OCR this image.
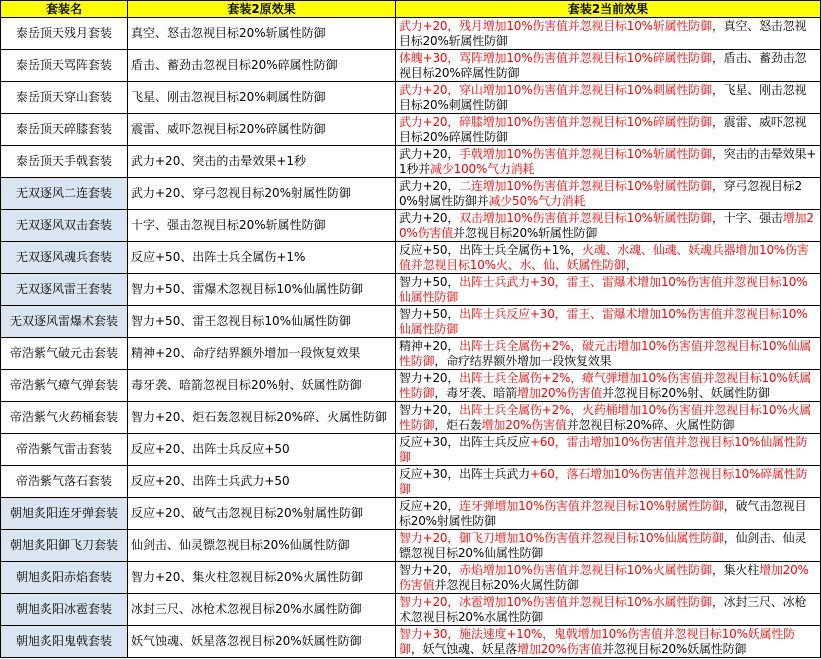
套装名	套装2原效果	套装2当前效果
泰岳顶天残月套装	真空、怒击忽视目标20%斩属性防御	武力+20，残月增加10%伤害值并忽视目标10%斩属性防御，真空、怒击忽视目标20%斩属性防御
泰岳顶天骂阵套装	盾击、蓄劲击忽视目标20%碎属性防御	体魄+30，骂阵增加10%伤害值并忽视目标10%碎属性防御，盾击、蓄劲击忽视目标20%碎属性防御
泰岳顶天穿山套装	飞星、刚击忽视目标20%刺属性防御	武力+20，穿山增加10%伤害值并忽视目标10%刺属性防御，飞星、刚击忽视目标20%刺属性防御
泰岳顶天碎膝套装	震雷、威吓忽视目标20%碎属性防御	武力+20，碎膝增加10%伤害值并忽视目标10%碎属性防御，震雷、威吓忽视目标20%碎属性防御
泰岳顶天手戟套装	武力+20、突击的击晕效果+1秒	武力+20，手戟增加10%伤害值并忽视目标10%斩属性防御，突击的击晕效果+1秒并减少100%气力消耗
无双逐风二连套装	武力+20、穿弓忽视目标20%射属性防御	武力+20，二连增加10%伤害值并忽视目标10%射属性防御，穿弓忽视目标20%射属性防御并减少50%气力消耗
无双逐风双击套装	十字、强击忽视目标20%斩属性防御	武力+20，双击增加10%伤害值并忽视目标10%斩属性防御，十字、强击增加20%伤害值并忽视目标20%斩属性防御
无双逐风魂兵套装	反应+50、出阵士兵全属伤+1%	反应+50，出阵士兵全属伤+1%，火魂、水魂、仙魂、妖魂兵器增加10%伤害值并忽视目标10%火、水、仙、妖属性防御，
无双逐风雷王套装	智力+50、雷爆术忽视目标10%仙属性防御	智力+50，出阵士兵武力+30，雷王、雷爆术增加10%伤害值并忽视目标10%仙属性防御
无双逐风雷爆术套装	智力+50、雷王忽视目标10%仙属性防御	智力+50，出阵士兵反应+30，雷王、雷爆术增加10%伤害值并忽视目标10%仙属性防御
帝浩紫气破元击套装	精神+20、命疗结界额外增加一段恢复效果	精神+20，出阵士兵全属伤+2%，破元击增加10%伤害值并忽视目标10%仙属性防御，命疗结界额外增加一段恢复效果
帝浩紫气瘴气弹套装	毒牙袭、暗箭忽视目标20%射、妖属性防御	智力+20，出阵士兵全属伤+2%，瘴气弹增加10%伤害值并忽视目标10%妖属性防御，毒牙袭、暗箭增加20%伤害值并忽视目标20%射、妖属性防御
帝浩紫气火药桶套装	智力+20、炬石轰忽视目标20%碎、火属性防御	智力+20，出阵士兵全属伤+2%，火药桶增加10%伤害值并忽视目标10%火属性防御，炬石轰增加20%伤害值并忽视目标20%碎、火属性防御
帝浩紫气雷击套装	反应+20、出阵士兵反应+50	反应+30，出阵士兵反应+60，雷击增加10%伤害值并忽视目标10%仙属性防御
帝浩紫气落石套装	反应+20、出阵士兵武力+50	反应+30，出阵士兵武力+60，落石增加10%伤害值并忽视目标10%碎属性防御
朝旭炙阳连牙弹套装	反应+20、破气击忽视目标20%射属性防御	反应+20，连牙弹增加10%伤害值并忽视目标10%射属性防御，破气击忽视目标20%射属性防御
朝旭炙阳御飞刀套装	仙剑击、仙灵镖忽视目标20%仙属性防御	智力+20，御飞刀增加10%伤害值并忽视目标10%仙属性防御，仙剑击、仙灵镖忽视目标20%仙属性防御
朝旭炙阳赤焰套装	智力+20、集火柱忽视目标20%火属性防御	智力+20，赤焰增加10%伤害值并忽视目标10%火属性防御，集火柱增加20%伤害值并忽视目标20%火属性防御
朝旭炙阳冰雹套装	冰封三尺、冰枪术忽视目标20%水属性防御	智力+20，冰雹增加10%伤害值并忽视目标10%水属性防御，冰封三尺、冰枪术忽视目标20%水属性防御
朝旭炙阳鬼戟套装	妖气蚀魂、妖星落忽视目标20%妖属性防御	智力+30，施法速度+10%，鬼戟增加10%伤害值并忽视目标10%妖属性防御，妖气蚀魂、妖星落增加20%伤害值并忽视目标20%妖属性防御
